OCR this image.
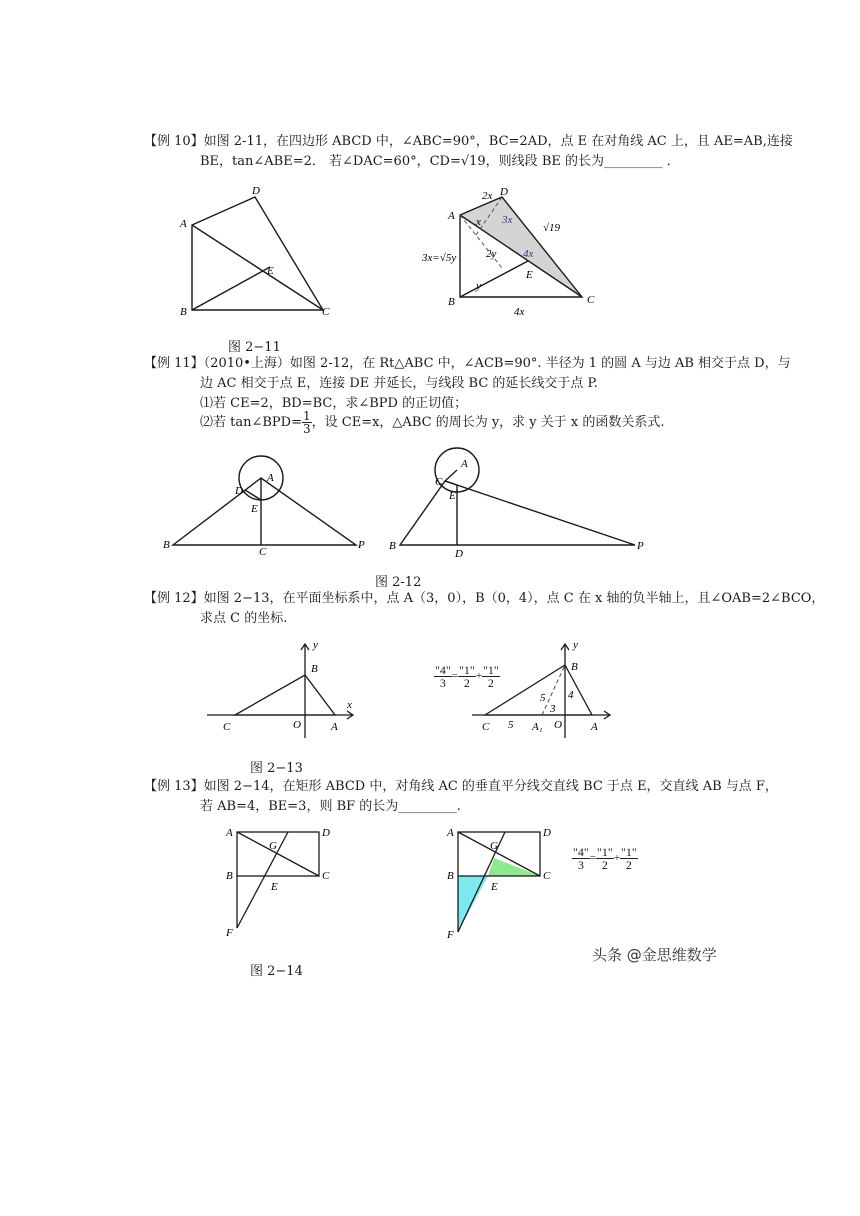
【例 10】如图 2-11，在四边形 ABCD 中，∠ABC=90°，BC=2AD，点 E 在对角线 AC 上，且 AE=AB,连接
BE，tan∠ABE=2． 若∠DAC=60°，CD=√19，则线段 BE 的长为_________ ．
A
D
B	C
E
A
D
B	C
E
2x
3x
x	√19
2y 4x
y
3x=√5y
4x
图 2−11
【例 11】（2010•上海）如图 2-12，在 Rt△ABC 中，∠ACB=90°. 半径为 1 的圆 A 与边 AB 相交于点 D，与
边 AC 相交于点 E，连接 DE 并延长，与线段 BC 的延长线交于点 P.
⑴若 CE=2，BD=BC，求∠BPD 的正切值；
⑵若 tan∠BPD= $\frac{1}{3}$ ，设 CE=x，△ABC 的周长为 y，求 y 关于 x 的函数关系式.
B
A
D
E
C
P B
A
C
E
D
P
图 2-12
【例 12】如图 2−13，在平面坐标系中，点 A（3，0），B（0，4），点 C 在 x 轴的负半轴上，且∠OAB=2∠BCO，
求点 C 的坐标.
y
x
B
C	O	A
y
B
C	O	A
A₁
5
5
3
4
$\frac{"4"}{3} = \frac{"1"}{2} + \frac{"1"}{2}$
图 2−13
【例 13】如图 2−14，在矩形 ABCD 中，对角线 AC 的垂直平分线交直线 BC 于点 E，交直线 AB 与点 F，
若 AB=4，BE=3，则 BF 的长为_________.
A	D
B	C
G
E
F
A	D
B	C
G
E
F
$\frac{"4"}{3} = \frac{"1"}{2} + \frac{"1"}{2}$
头条 @金思维数学
图 2−14
